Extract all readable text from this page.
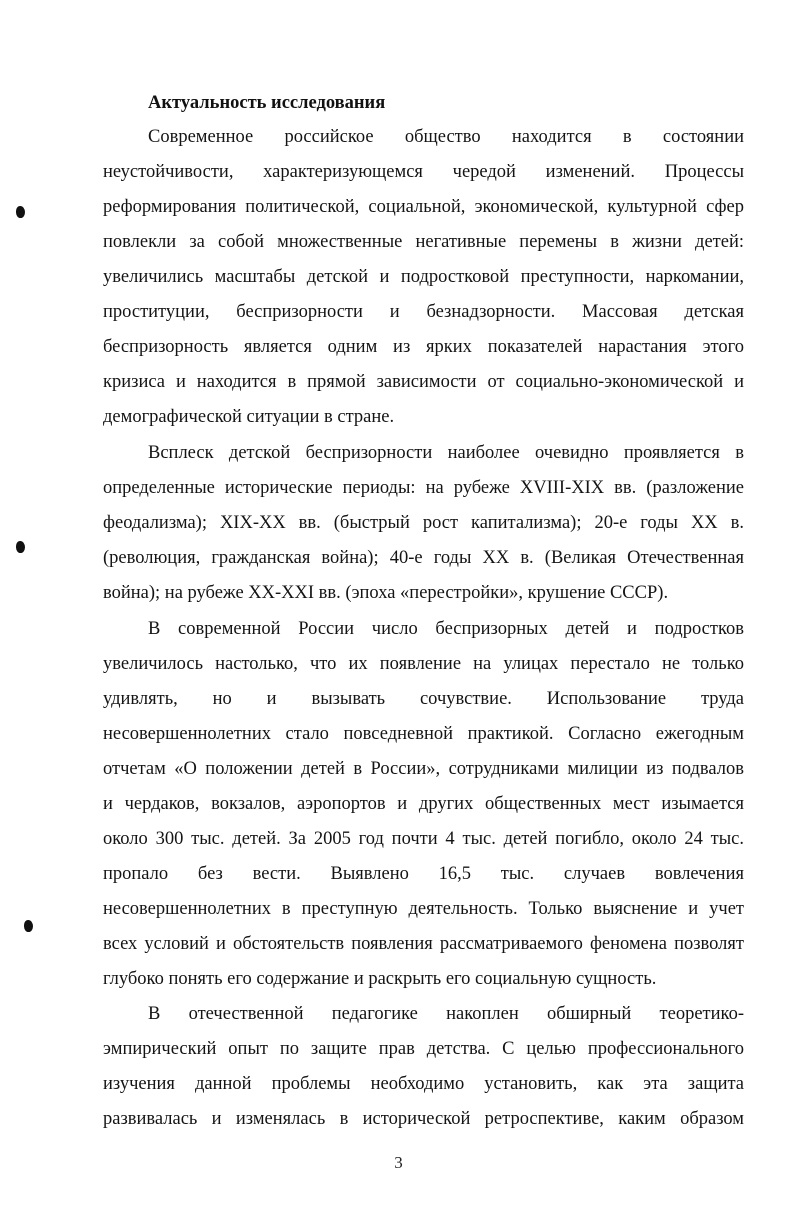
Актуальность исследования
Современное российское общество находится в состоянии
неустойчивости, характеризующемся чередой изменений. Процессы
реформирования политической, социальной, экономической, культурной сфер
повлекли за собой множественные негативные перемены в жизни детей:
увеличились масштабы детской и подростковой преступности, наркомании,
проституции, беспризорности и безнадзорности. Массовая детская
беспризорность является одним из ярких показателей нарастания этого
кризиса и находится в прямой зависимости от социально-экономической и
демографической ситуации в стране.
Всплеск детской беспризорности наиболее очевидно проявляется в
определенные исторические периоды: на рубеже XVIII-XIX вв. (разложение
феодализма); XIX-XX вв. (быстрый рост капитализма); 20-е годы XX в.
(революция, гражданская война); 40-е годы XX в. (Великая Отечественная
война); на рубеже XX-XXI вв. (эпоха «перестройки», крушение СССР).
В современной России число беспризорных детей и подростков
увеличилось настолько, что их появление на улицах перестало не только
удивлять, но и вызывать сочувствие. Использование труда
несовершеннолетних стало повседневной практикой. Согласно ежегодным
отчетам «О положении детей в России», сотрудниками милиции из подвалов
и чердаков, вокзалов, аэропортов и других общественных мест изымается
около 300 тыс. детей. За 2005 год почти 4 тыс. детей погибло, около 24 тыс.
пропало без вести. Выявлено 16,5 тыс. случаев вовлечения
несовершеннолетних в преступную деятельность. Только выяснение и учет
всех условий и обстоятельств появления рассматриваемого феномена позволят
глубоко понять его содержание и раскрыть его социальную сущность.
В отечественной педагогике накоплен обширный теоретико-
эмпирический опыт по защите прав детства. С целью профессионального
изучения данной проблемы необходимо установить, как эта защита
развивалась и изменялась в исторической ретроспективе, каким образом
3
